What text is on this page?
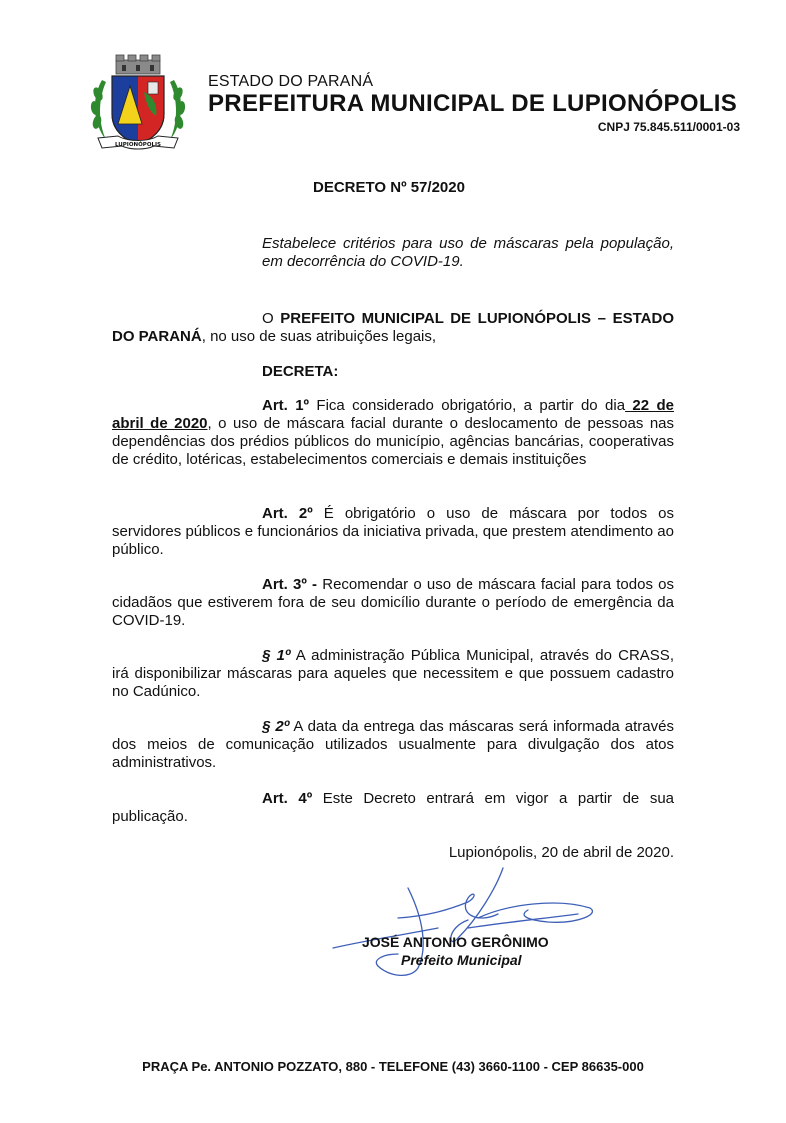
LUPIONÓPOLIS
ESTADO DO PARANÁ
PREFEITURA MUNICIPAL DE LUPIONÓPOLIS
CNPJ 75.845.511/0001-03
DECRETO Nº 57/2020
Estabelece critérios para uso de máscaras pela população, em decorrência do COVID-19.
O PREFEITO MUNICIPAL DE LUPIONÓPOLIS – ESTADO DO PARANÁ, no uso de suas atribuições legais,
DECRETA:
Art. 1º Fica considerado obrigatório, a partir do dia 22 de abril de 2020, o uso de máscara facial durante o deslocamento de pessoas nas dependências dos prédios públicos do município, agências bancárias, cooperativas de crédito, lotéricas, estabelecimentos comerciais e demais instituições
Art. 2º É obrigatório o uso de máscara por todos os servidores públicos e funcionários da iniciativa privada, que prestem atendimento ao público.
Art. 3º - Recomendar o uso de máscara facial para todos os cidadãos que estiverem fora de seu domicílio durante o período de emergência da COVID-19.
§ 1º A administração Pública Municipal, através do CRASS, irá disponibilizar máscaras para aqueles que necessitem e que possuem cadastro no Cadúnico.
§ 2º A data da entrega das máscaras será informada através dos meios de comunicação utilizados usualmente para divulgação dos atos administrativos.
Art. 4º Este Decreto entrará em vigor a partir de sua publicação.
Lupionópolis, 20 de abril de 2020.
JOSÉ ANTONIO GERÔNIMO
Prefeito Municipal
PRAÇA Pe. ANTONIO POZZATO, 880 - TELEFONE (43) 3660-1100 - CEP 86635-000
